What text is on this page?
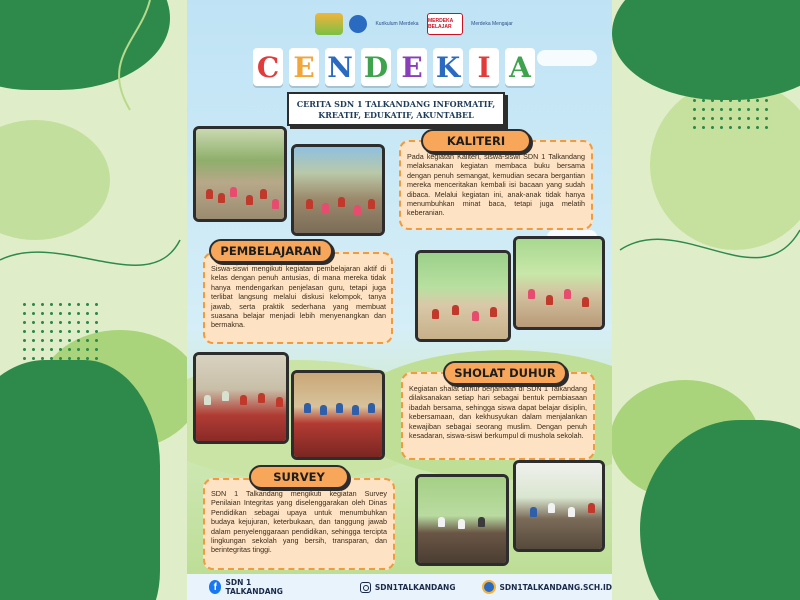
Kurikulum Merdeka MERDEKA BELAJAR	Merdeka Mengajar
C E N D E K I A
CERITA SDN 1 TALKANDANG INFORMATIF,
KREATIF, EDUKATIF, AKUNTABEL
KALITERI
Pada kegiatan Kaliteri, siswa-siswi SDN 1 Talkandang melaksanakan kegiatan membaca buku bersama dengan penuh semangat, kemudian secara bergantian mereka menceritakan kembali isi bacaan yang sudah dibaca. Melalui kegiatan ini, anak-anak tidak hanya menumbuhkan minat baca, tetapi juga melatih keberanian.
PEMBELAJARAN
Siswa-siswi mengikuti kegiatan pembelajaran aktif di kelas dengan penuh antusias, di mana mereka tidak hanya mendengarkan penjelasan guru, tetapi juga terlibat langsung melalui diskusi kelompok, tanya jawab, serta praktik sederhana yang membuat suasana belajar menjadi lebih menyenangkan dan bermakna.
SHOLAT DUHUR
Kegiatan shalat duhur berjamaah di SDN 1 Talkandang dilaksanakan setiap hari sebagai bentuk pembiasaan ibadah bersama, sehingga siswa dapat belajar disiplin, kebersamaan, dan kekhusyukan dalam menjalankan kewajiban sebagai seorang muslim. Dengan penuh kesadaran, siswa-siswi berkumpul di mushola sekolah.
SURVEY
SDN 1 Talkandang mengikuti kegiatan Survey Penilaian Integritas yang diselenggarakan oleh Dinas Pendidikan sebagai upaya untuk menumbuhkan budaya kejujuran, keterbukaan, dan tanggung jawab dalam penyelenggaraan pendidikan, sehingga tercipta lingkungan sekolah yang bersih, transparan, dan berintegritas tinggi.
f	SDN 1 TALKANDANG	SDN1TALKANDANG	SDN1TALKANDANG.SCH.ID
